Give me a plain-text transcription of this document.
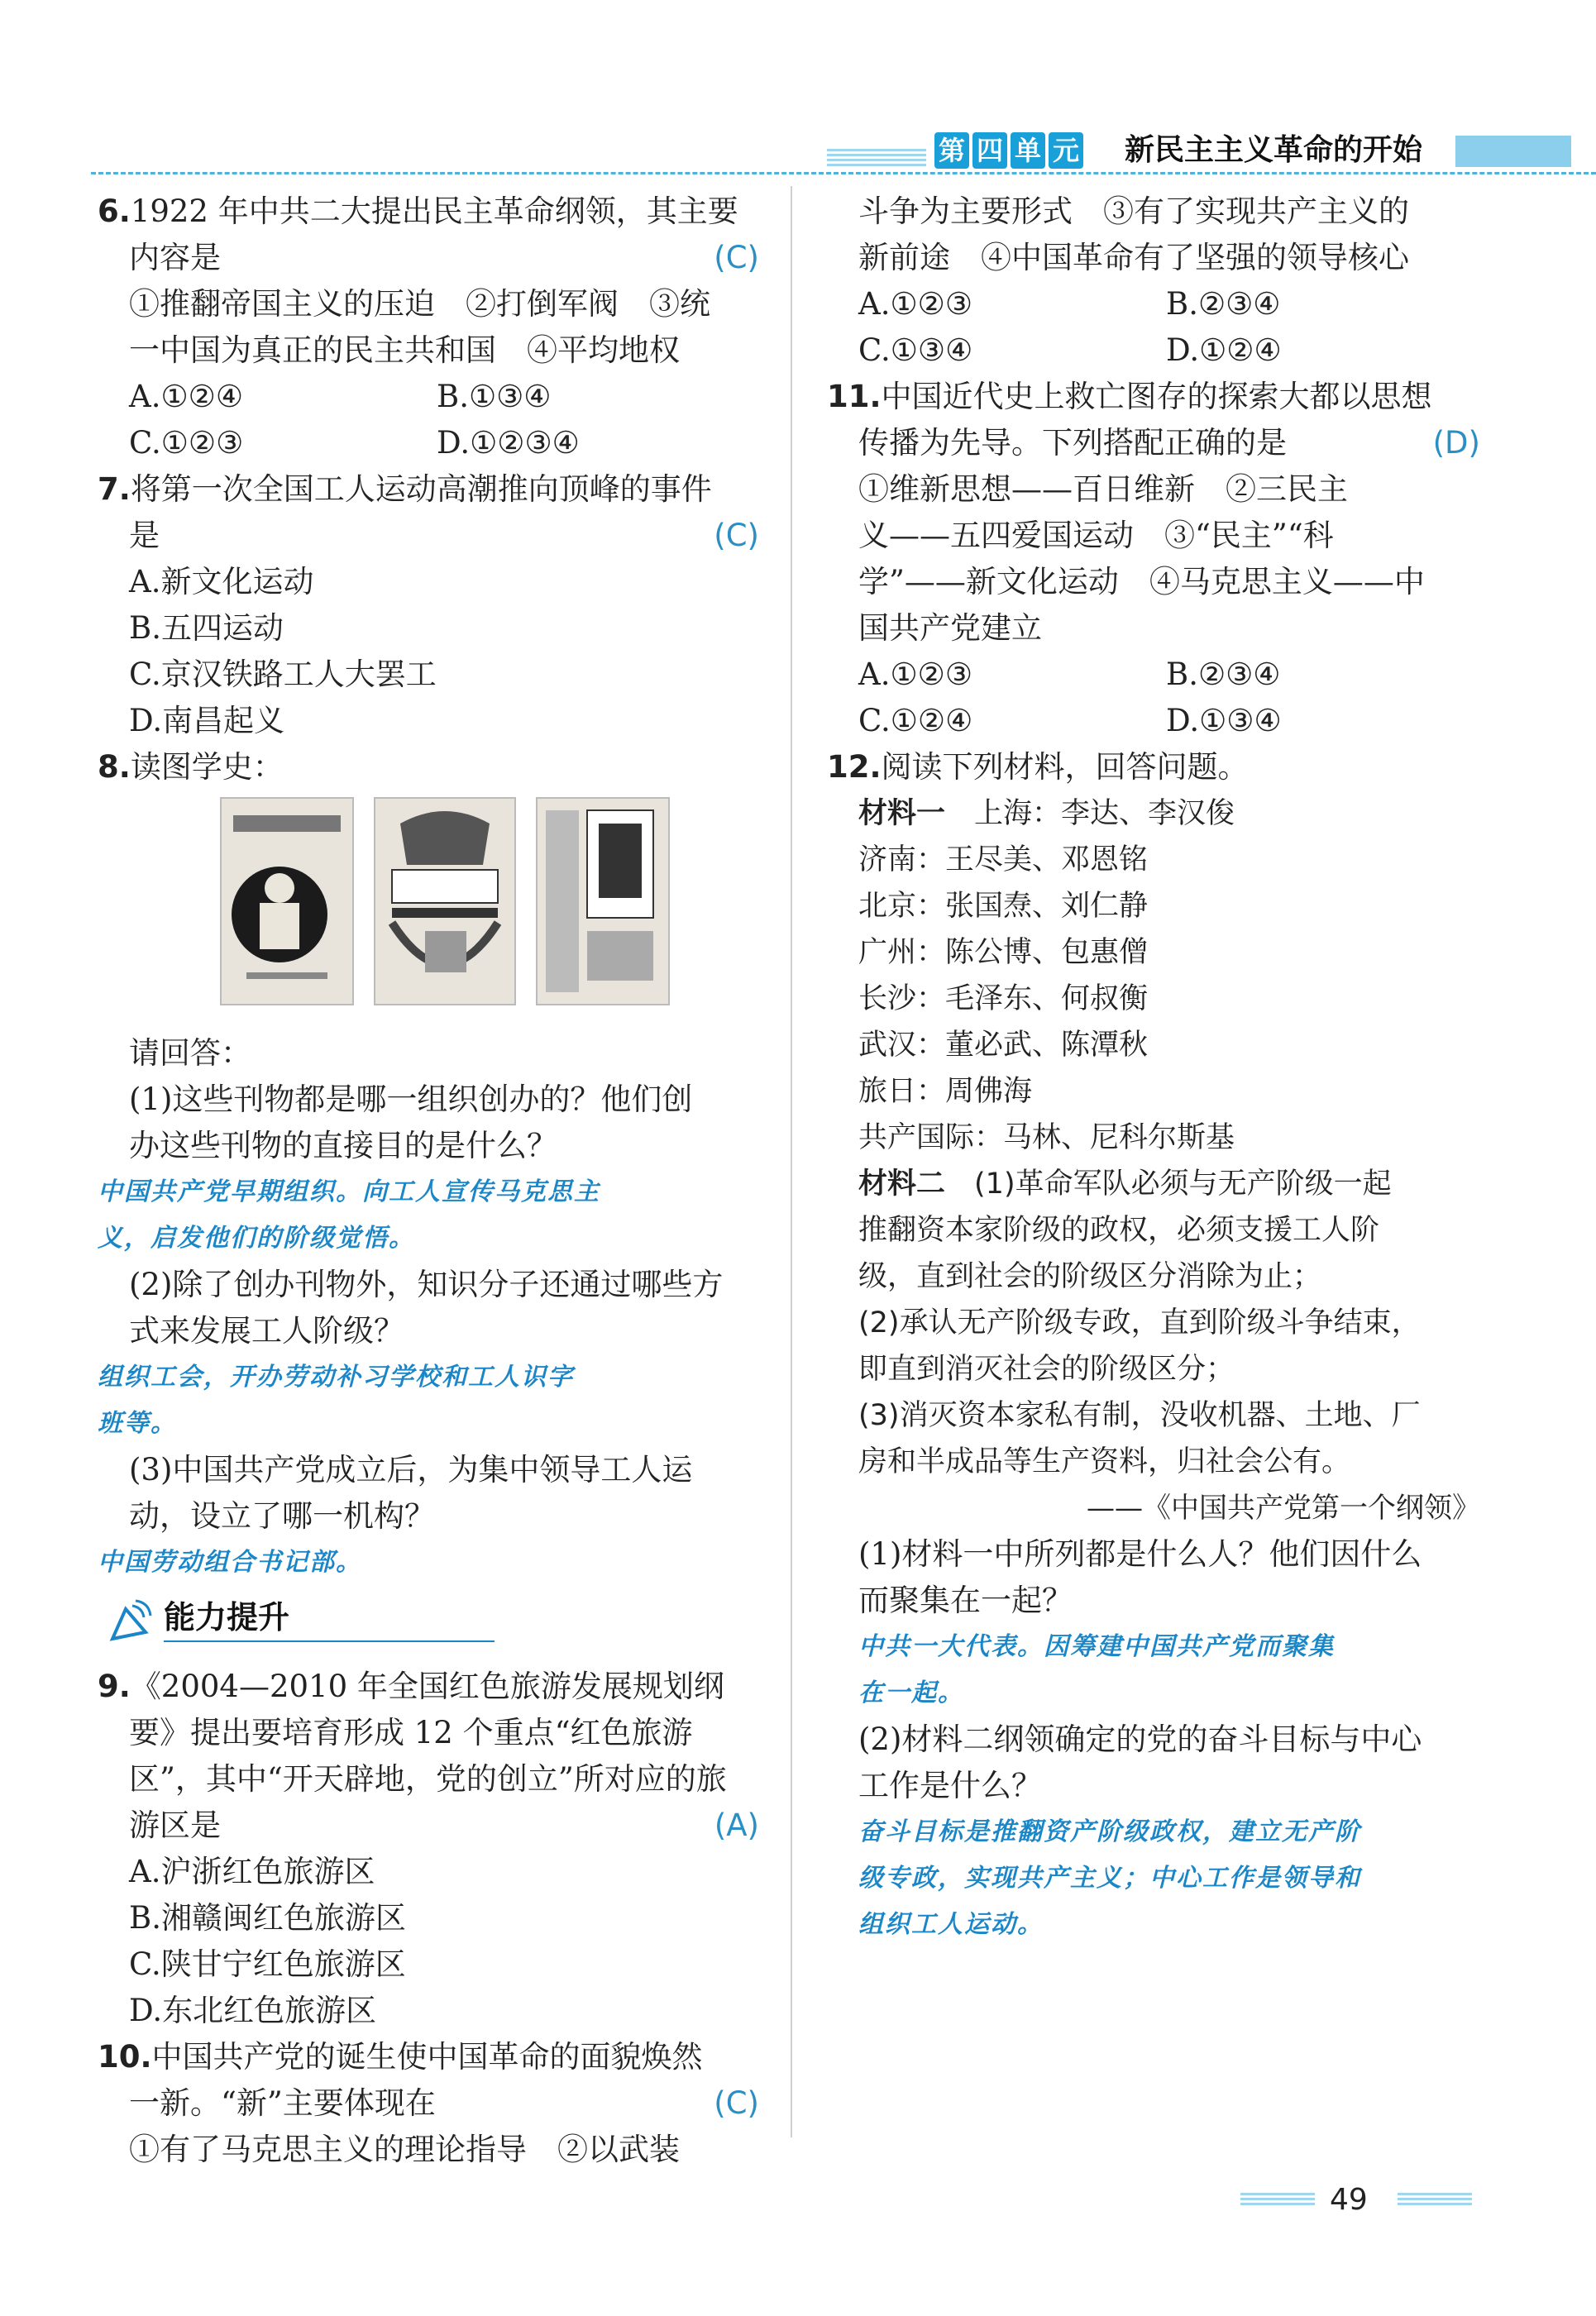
第 四 单 元 新民主主义革命的开始
6.1922 年中共二大提出民主革命纲领，其主要
内容是	(C)
①推翻帝国主义的压迫　②打倒军阀　③统
一中国为真正的民主共和国　④平均地权
A.①②④	B.①③④
C.①②③	D.①②③④
7.将第一次全国工人运动高潮推向顶峰的事件
是	(C)
A.新文化运动
B.五四运动
C.京汉铁路工人大罢工
D.南昌起义
8.读图学史：
请回答：
(1)这些刊物都是哪一组织创办的？他们创
办这些刊物的直接目的是什么？
中国共产党早期组织。向工人宣传马克思主
义，启发他们的阶级觉悟。
(2)除了创办刊物外，知识分子还通过哪些方
式来发展工人阶级？
组织工会，开办劳动补习学校和工人识字
班等。
(3)中国共产党成立后，为集中领导工人运
动，设立了哪一机构？
中国劳动组合书记部。
能力提升
9.《2004—2010 年全国红色旅游发展规划纲
要》提出要培育形成 12 个重点“红色旅游
区”，其中“开天辟地，党的创立”所对应的旅
游区是	(A)
A.沪浙红色旅游区
B.湘赣闽红色旅游区
C.陕甘宁红色旅游区
D.东北红色旅游区
10.中国共产党的诞生使中国革命的面貌焕然
一新。“新”主要体现在	(C)
①有了马克思主义的理论指导　②以武装
斗争为主要形式　③有了实现共产主义的
新前途　④中国革命有了坚强的领导核心
A.①②③	B.②③④
C.①③④	D.①②④
11.中国近代史上救亡图存的探索大都以思想
传播为先导。下列搭配正确的是	(D)
①维新思想——百日维新　②三民主
义——五四爱国运动　③“民主”“科
学”——新文化运动　④马克思主义——中
国共产党建立
A.①②③	B.②③④
C.①②④	D.①③④
12.阅读下列材料，回答问题。
材料一　 上海：李达、李汉俊
济南：王尽美、邓恩铭
北京：张国焘、刘仁静
广州：陈公博、包惠僧
长沙：毛泽东、何叔衡
武汉：董必武、陈潭秋
旅日：周佛海
共产国际：马林、尼科尔斯基
材料二　 (1)革命军队必须与无产阶级一起
推翻资本家阶级的政权，必须支援工人阶
级，直到社会的阶级区分消除为止；
(2)承认无产阶级专政，直到阶级斗争结束，
即直到消灭社会的阶级区分；
(3)消灭资本家私有制，没收机器、土地、厂
房和半成品等生产资料，归社会公有。
——《中国共产党第一个纲领》
(1)材料一中所列都是什么人？他们因什么
而聚集在一起？
中共一大代表。因筹建中国共产党而聚集
在一起。
(2)材料二纲领确定的党的奋斗目标与中心
工作是什么？
奋斗目标是推翻资产阶级政权，建立无产阶
级专政，实现共产主义；中心工作是领导和
组织工人运动。
49
